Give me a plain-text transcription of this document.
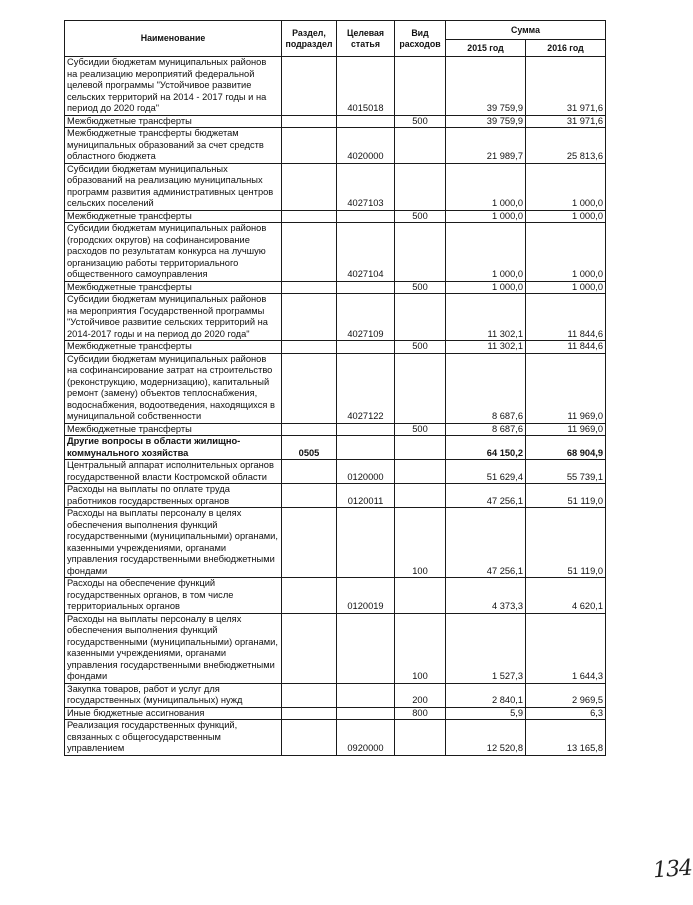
Наименование	Раздел, подраздел	Целевая статья	Вид расходов	Сумма	
				2015 год	2016 год
Субсидии бюджетам муниципальных районов на реализацию мероприятий федеральной целевой программы "Устойчивое развитие сельских территорий на 2014 - 2017 годы и на период до 2020 года"		4015018		39 759,9	31 971,6
Межбюджетные трансферты			500	39 759,9	31 971,6
Межбюджетные трансферты бюджетам муниципальных образований за счет средств областного бюджета		4020000		21 989,7	25 813,6
Субсидии бюджетам муниципальных образований на реализацию муниципальных программ развития административных центров сельских поселений		4027103		1 000,0	1 000,0
Межбюджетные трансферты			500	1 000,0	1 000,0
Субсидии бюджетам муниципальных районов (городских округов) на софинансирование расходов по результатам конкурса на лучшую организацию работы территориального общественного самоуправления		4027104		1 000,0	1 000,0
Межбюджетные трансферты			500	1 000,0	1 000,0
Субсидии бюджетам муниципальных районов на мероприятия Государственной программы "Устойчивое развитие сельских территорий на 2014-2017 годы и на период до 2020 года"		4027109		11 302,1	11 844,6
Межбюджетные трансферты			500	11 302,1	11 844,6
Субсидии бюджетам муниципальных районов на софинансирование затрат на строительство (реконструкцию, модернизацию), капитальный ремонт (замену) объектов теплоснабжения, водоснабжения, водоотведения, находящихся в муниципальной собственности		4027122		8 687,6	11 969,0
Межбюджетные трансферты			500	8 687,6	11 969,0
Другие вопросы в области жилищно-коммунального хозяйства	0505			64 150,2	68 904,9
Центральный аппарат исполнительных органов государственной власти Костромской области		0120000		51 629,4	55 739,1
Расходы на выплаты по оплате труда работников государственных органов		0120011		47 256,1	51 119,0
Расходы на выплаты персоналу в целях обеспечения выполнения функций государственными (муниципальными) органами, казенными учреждениями, органами управления государственными внебюджетными фондами			100	47 256,1	51 119,0
Расходы на обеспечение функций государственных органов, в том числе территориальных органов		0120019		4 373,3	4 620,1
Расходы на выплаты персоналу в целях обеспечения выполнения функций государственными (муниципальными) органами, казенными учреждениями, органами управления государственными внебюджетными фондами			100	1 527,3	1 644,3
Закупка товаров, работ и услуг для государственных (муниципальных) нужд			200	2 840,1	2 969,5
Иные бюджетные ассигнования			800	5,9	6,3
Реализация государственных функций, связанных с общегосударственным управлением		0920000		12 520,8	13 165,8
134
